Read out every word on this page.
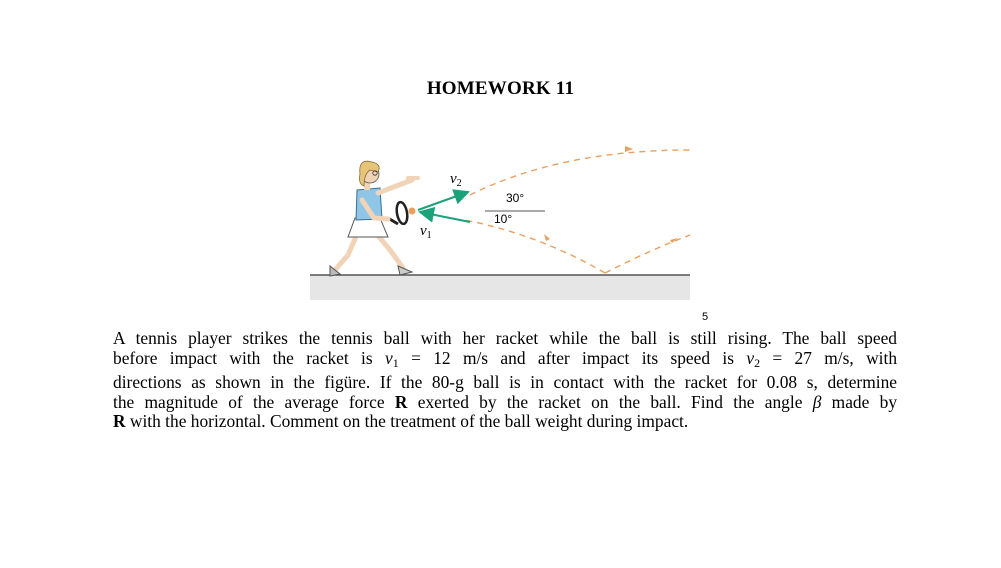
HOMEWORK 11
$v_2$
$v_1$
30°
10°
5
A tennis player strikes the tennis ball with her racket while the ball is still rising. The ball speed
before impact with the racket is $v_1 = 12$ m/s and after impact its speed is $v_2 = 27$ m/s, with
directions as shown in the figüre. If the 80-g ball is in contact with the racket for 0.08 s, determine
the magnitude of the average force R exerted by the racket on the ball. Find the angle β made by
R with the horizontal. Comment on the treatment of the ball weight during impact.
